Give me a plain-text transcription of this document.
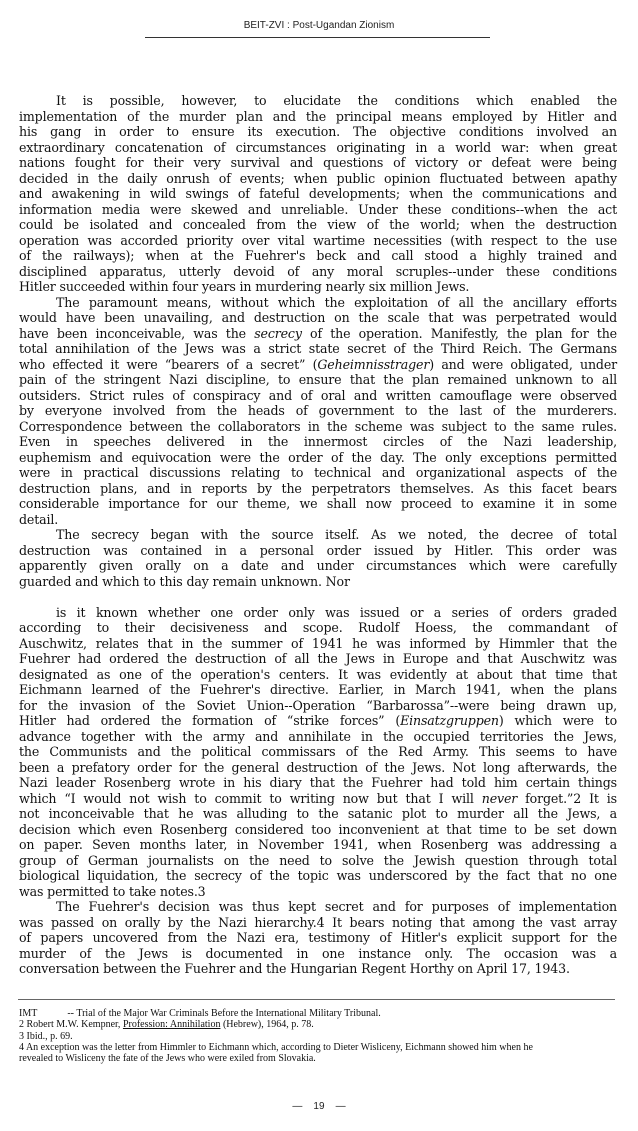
BEIT-ZVI : Post-Ugandan Zionism
It is possible, however, to elucidate the conditions which enabled the
implementation of the murder plan and the principal means employed by Hitler and
his gang in order to ensure its execution. The objective conditions involved an
extraordinary concatenation of circumstances originating in a world war: when great
nations fought for their very survival and questions of victory or defeat were being
decided in the daily onrush of events; when public opinion fluctuated between apathy
and awakening in wild swings of fateful developments; when the communications and
information media were skewed and unreliable. Under these conditions--when the act
could be isolated and concealed from the view of the world; when the destruction
operation was accorded priority over vital wartime necessities (with respect to the use
of the railways); when at the Fuehrer's beck and call stood a highly trained and
disciplined apparatus, utterly devoid of any moral scruples--under these conditions
Hitler succeeded within four years in murdering nearly six million Jews.
The paramount means, without which the exploitation of all the ancillary efforts
would have been unavailing, and destruction on the scale that was perpetrated would
have been inconceivable, was the secrecy of the operation. Manifestly, the plan for the
total annihilation of the Jews was a strict state secret of the Third Reich. The Germans
who effected it were “bearers of a secret” (Geheimnisstrager) and were obligated, under
pain of the stringent Nazi discipline, to ensure that the plan remained unknown to all
outsiders. Strict rules of conspiracy and of oral and written camouflage were observed
by everyone involved from the heads of government to the last of the murderers.
Correspondence between the collaborators in the scheme was subject to the same rules.
Even in speeches delivered in the innermost circles of the Nazi leadership,
euphemism and equivocation were the order of the day. The only exceptions permitted
were in practical discussions relating to technical and organizational aspects of the
destruction plans, and in reports by the perpetrators themselves. As this facet bears
considerable importance for our theme, we shall now proceed to examine it in some
detail.
The secrecy began with the source itself. As we noted, the decree of total
destruction was contained in a personal order issued by Hitler. This order was
apparently given orally on a date and under circumstances which were carefully
guarded and which to this day remain unknown. Nor
is it known whether one order only was issued or a series of orders graded
according to their decisiveness and scope. Rudolf Hoess, the commandant of
Auschwitz, relates that in the summer of 1941 he was informed by Himmler that the
Fuehrer had ordered the destruction of all the Jews in Europe and that Auschwitz was
designated as one of the operation's centers. It was evidently at about that time that
Eichmann learned of the Fuehrer's directive. Earlier, in March 1941, when the plans
for the invasion of the Soviet Union--Operation “Barbarossa”--were being drawn up,
Hitler had ordered the formation of “strike forces” (Einsatzgruppen) which were to
advance together with the army and annihilate in the occupied territories the Jews,
the Communists and the political commissars of the Red Army. This seems to have
been a prefatory order for the general destruction of the Jews. Not long afterwards, the
Nazi leader Rosenberg wrote in his diary that the Fuehrer had told him certain things
which “I would not wish to commit to writing now but that I will never forget.”2 It is
not inconceivable that he was alluding to the satanic plot to murder all the Jews, a
decision which even Rosenberg considered too inconvenient at that time to be set down
on paper. Seven months later, in November 1941, when Rosenberg was addressing a
group of German journalists on the need to solve the Jewish question through total
biological liquidation, the secrecy of the topic was underscored by the fact that no one
was permitted to take notes.3
The Fuehrer's decision was thus kept secret and for purposes of implementation
was passed on orally by the Nazi hierarchy.4 It bears noting that among the vast array
of papers uncovered from the Nazi era, testimony of Hitler's explicit support for the
murder of the Jews is documented in one instance only. The occasion was a
conversation between the Fuehrer and the Hungarian Regent Horthy on April 17, 1943.
IMT	-- Trial of the Major War Criminals Before the International Military Tribunal.
2 Robert M.W. Kempner, Profession: Annihilation (Hebrew), 1964, p. 78.
3 Ibid., p. 69.
4 An exception was the letter from Himmler to Eichmann which, according to Dieter Wisliceny, Eichmann showed him when he
revealed to Wisliceny the fate of the Jews who were exiled from Slovakia.
—    19    —
